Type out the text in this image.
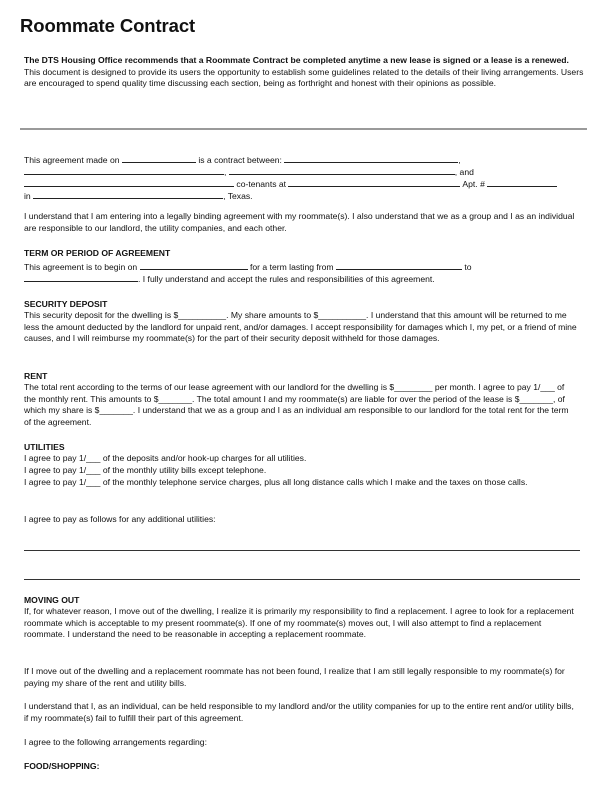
Roommate Contract
The DTS Housing Office recommends that a Roommate Contract be completed anytime a new lease is signed or a lease is a renewed. This document is designed to provide its users the opportunity to establish some guidelines related to the details of their living arrangements. Users are encouraged to spend quality time discussing each section, being as forthright and honest with their opinions as possible.
This agreement made on	is a contract between:	,
,	, and
co-tenants at	Apt. #
in	, Texas.
I understand that I am entering into a legally binding agreement with my roommate(s). I also understand that we as a group and I as an individual are responsible to our landlord, the utility companies, and each other.
TERM OR PERIOD OF AGREEMENT
This agreement is to begin on	for a term lasting from	to
. I fully understand and accept the rules and responsibilities of this agreement.
SECURITY DEPOSIT
This security deposit for the dwelling is $__________. My share amounts to $__________. I understand that this amount will be returned to me less the amount deducted by the landlord for unpaid rent, and/or damages. I accept responsibility for damages which I, my pet, or a friend of mine causes, and I will reimburse my roommate(s) for the part of their security deposit withheld for those damages.
RENT
The total rent according to the terms of our lease agreement with our landlord for the dwelling is $________ per month. I agree to pay 1/___ of the monthly rent. This amounts to $_______. The total amount I and my roommate(s) are liable for over the period of the lease is $_______, of which my share is $_______. I understand that we as a group and I as an individual am responsible to our landlord for the total rent for the term of the agreement.
UTILITIES
I agree to pay 1/___ of the deposits and/or hook-up charges for all utilities.
I agree to pay 1/___ of the monthly utility bills except telephone.
I agree to pay 1/___ of the monthly telephone service charges, plus all long distance calls which I make and the taxes on those calls.
I agree to pay as follows for any additional utilities:
MOVING OUT
If, for whatever reason, I move out of the dwelling, I realize it is primarily my responsibility to find a replacement. I agree to look for a replacement roommate which is acceptable to my present roommate(s). If one of my roommate(s) moves out, I will also attempt to find a replacement roommate. I understand the need to be reasonable in accepting a replacement roommate.
If I move out of the dwelling and a replacement roommate has not been found, I realize that I am still legally responsible to my roommate(s) for paying my share of the rent and utility bills.
I understand that I, as an individual, can be held responsible to my landlord and/or the utility companies for up to the entire rent and/or utility bills, if my roommate(s) fail to fulfill their part of this agreement.
I agree to the following arrangements regarding:
FOOD/SHOPPING:
